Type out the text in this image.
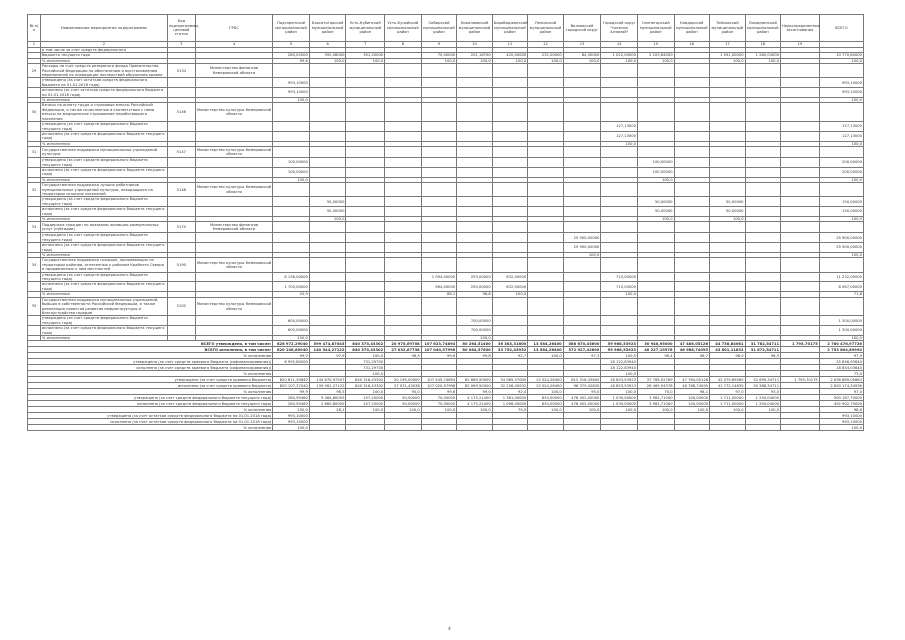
№ п/п	Наименование мероприятия подпрограммы	Код подпрограммы, целевой статьи	ГРБС	Подгоренский муниципальный район	Бокситогорский муниципальный район	Усть-Кубинский муниципальный район	Усть-Кулойский муниципальный район	Сибирский муниципальный район	Николаевский муниципальный район	Биробиджанский муниципальный район	Ленинский муниципальный район	Волховский городской округ	Городской округ "поселок Алзамай"	Оленегорский муниципальный район	Ковдорский муниципальный район	Тейковский муниципальный район	Полярнинский муниципальный район	Нераспределенные ассигнования	ВСЕГО
1	2	3	4	5	6	7	8	9	10	11	12	13	14	15	16	17	18	19	
	в том числе за счет средств федерального																		
	бюджета текущего года			280,02000	392,08000	351,20000		70,00000	201,16700	420,00000	232,00000	84,30000	1 022,00000	2 103,84000		1 051,00000	1 280,04000		10 770,60000
	% исполнения			99,6	100,0	100,0		100,0	100,0	100,0	100,0	100,0	100,0	100,0		100,0	100,0		100,0
29	Расходы на счет средств резервного фонда Правительства Российской Федерации по обеспечению и восстановлению мероприятий по ликвидации последствий обрушения кровли	5134	Министерство финансов Кемеровской области																
	утверждено (за счет остатков средств федерального бюджета на 01.01.2018 года)			993,10000															993,10000
	исполнено (за счет остатков средств федерального бюджета на 01.01.2018 года)			993,10000															993,10000
	% исполнения			100,0															100,0
30	Взносы на оплату труда и страховые взносы Российской Федерации, а также исчисленные в соответствии с ними взносы на медицинское страхование неработающего населения	5146	Министерство культуры Кемеровской области																
	утверждено (за счет средств федерального бюджета текущего года)												127,13000						127,13000
	исполнено (за счет средств федерального бюджета текущего года)												127,13000						127,13000
	% исполнения												100,0						100,0
31	Государственная поддержка муниципальных учреждений культуры	5147	Министерство культуры Кемеровской области																
	утверждено (за счет средств федерального бюджета текущего года)			100,00000										100,00000					200,00000
	исполнено (за счет средств федерального бюджета текущего года)			100,00000										100,00000					200,00000
	% исполнения			100,0										100,0					100,0
32	Государственная поддержка лучших работников муниципальных учреждений культуры, находящихся на территории сельских поселений	5148	Министерство культуры Кемеровской области																
	утверждено (за счет средств федерального бюджета текущего года)				50,00000									50,00000		50,00000			150,00000
	исполнено (за счет средств федерального бюджета текущего года)				50,00000									50,00000		50,00000			150,00000
	% исполнения				100,0									100,0		100,0			100,0
33	Поддержка граждан по оказанию жилищно-коммунальных услуг (субсидии)	5170	Министерство финансов Кемеровской области																
	утверждено (за счет средств федерального бюджета текущего года)											25 900,00000							25 900,00000
	исполнено (за счет средств федерального бюджета текущего года)											25 900,00000							25 900,00000
	% исполнения											100,0							100,0
34	Государственная поддержка граждан, проживающих на территории районов, отнесенных к районам Крайнего Севера и приравненных к ним местностей	5190	Министерство культуры Кемеровской области																
	утверждено (за счет средств федерального бюджета текущего года)			8 138,00000				1 094,00000	253,00000	632,00000			715,00000						11 232,00000
	исполнено (за счет средств федерального бюджета текущего года)			1 700,00000				964,00000	250,00000	632,00000			715,00000						8 067,00000
	% исполнения			20,9				88,1	98,8	100,0			100,0						71,8
35	Государственная поддержка муниципальных учреждений, бывших в собственности Российской Федерации, а также реализация проектов развития инфраструктуры и благоустройства городов	5102	Министерство культуры Кемеровской области																
	утверждено (за счет средств федерального бюджета текущего года)			600,00000					700,00000										1 300,00000
	исполнено (за счет средств федерального бюджета текущего года)			600,00000					700,00000										1 300,00000
	% исполнения			100,0					100,0										100,0
ВСЕГО утверждено, в том числе:				828 972,29040	599 474,87045	840 375,43302	20 975,69708	107 623,74894	80 264,51400	36 383,31600	13 584,26400	588 670,43600	59 968,53923	30 940,95000	47 486,05126	44 738,84061	31 782,54711	1 795,70175	2 780 476,97726
ВСЕГО исполнено, в том числе:				820 108,80040	140 544,27122	840 375,43302	27 032,67738	107 040,57998	80 064,57600	33 752,45932	13 584,26400	572 927,42800	59 968,53923	40 227,19978	46 988,74095	43 801,11832	31 672,54711		2 753 804,89994
% исполнения				99,0	97,9	100,0	96,5	99,6	99,8	92,7	100,0	97,3	100,0	96,4	98,7	98,0	96,5		97,9
утверждено (за счет средств краевого бюджета (софинансирования))				6 992,80000		731,29700							18 122,83940						25 846,93640
исполнено (за счет средств краевого бюджета (софинансирования))						731,29700							18 122,83940						18 854,03640
% исполнения						100,0							100,0						73,0
утверждено (за счет средств краевого бюджета)				820 611,30840	144 670,97507	840 316,43302	20 195,00000	107 545,74894	82 869,50000	34 985,37000	13 524,26400	812 318,43600	18 853,53923	37 765,02789	47 764,05126	42 079,69565	32 699,34711	1 795,70175	2 638 889,05864
исполнено (за счет средств краевого бюджета)				820 107,37040	139 581,27122	840 316,43302	27 031,43038	107 020,57998	82 069,50000	32 256,45932	13 524,26400	96 379,42820	18 853,53923	26 465,94378	46 788,74095	41 772,14835	30 388,34711		2 620 174,34936
% исполнения				99,9	96,5	100,0	95,0	99,6	99,0	92,4	100,0	95,0	100,0	70,0	98,1	97,0	93,0		97,0
утверждено (за счет средств федерального бюджета текущего года)				280,95460	9 464,80005	157,20000	90,00000	70,00000	4 175,21400	1 381,00000	834,00000	476 452,00000	1 039,00000	3 962,71000	100,00000	1 711,00000	1 294,04000		500 187,79000
исполнено (за счет средств федерального бюджета текущего года)				280,95460	2 660,80005	157,20000	90,00000	70,00000	4 175,21400	1 098,00000	834,00000	476 452,00000	1 039,00000	3 962,71000	100,00000	1 711,00000	1 294,04000		492 902,79000
% исполнения				100,0	28,1	100,0	100,0	100,0	100,0	79,5	100,0	100,0	100,0	100,0	100,0	100,0	100,0		98,6
утверждено (за счет остатков средств федерального бюджета на 01.01.2018 года)				993,10000															993,10000
исполнено (за счет остатков средств федерального бюджета на 01.01.2018 года)				993,10000															993,10000
% исполнения				100,0															100,0
4
